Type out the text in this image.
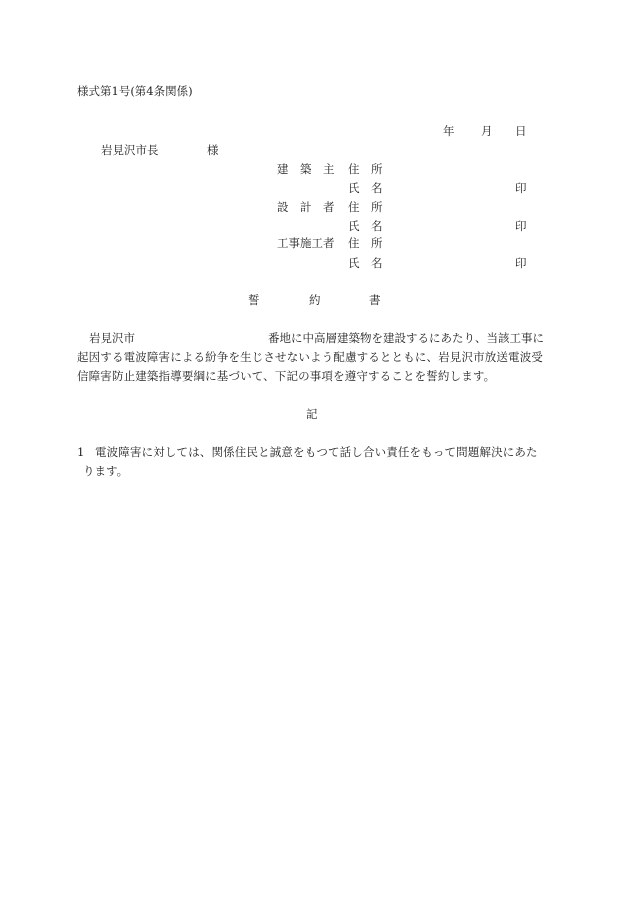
様式第1号(第4条関係)
年 月 日
岩見沢市長	様
建　築　主 住　所
氏　名	印
設　計　者 住　所
氏　名	印
工事施工者 住　所
氏　名	印
誓	約	書
岩見沢市	番地に中高層建築物を建設するにあたり、当該工事に
起因する電波障害による紛争を生じさせないよう配慮するとともに、岩見沢市放送電波受
信障害防止建築指導要綱に基づいて、下記の事項を遵守することを誓約します。
記
1 電波障害に対しては、関係住民と誠意をもつて話し合い責任をもって問題解決にあた
ります。
